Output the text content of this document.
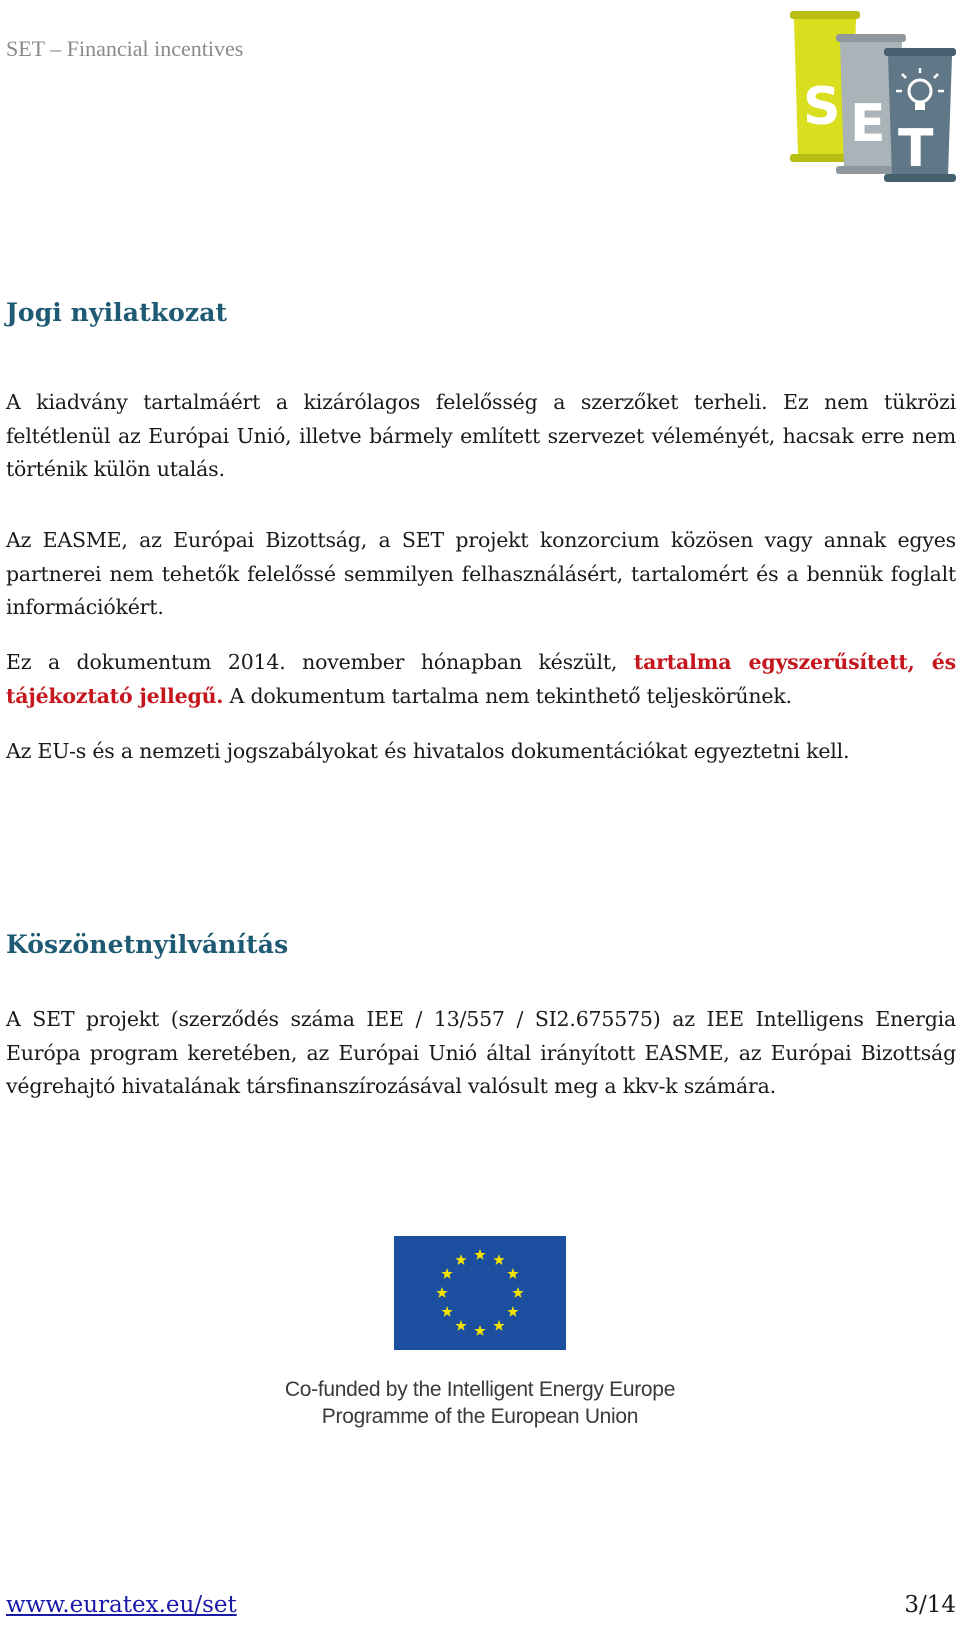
SET – Financial incentives
S E T
Jogi nyilatkozat

A kiadvány tartalmáért a kizárólagos felelősség a szerzőket terheli. Ez nem tükrözi feltétlenül az Európai Unió, illetve bármely említett szervezet véleményét, hacsak erre nem történik külön utalás.

Az EASME, az Európai Bizottság, a SET projekt konzorcium közösen vagy annak egyes partnerei nem tehetők felelőssé semmilyen felhasználásért, tartalomért és a bennük foglalt információkért.

Ez a dokumentum 2014. november hónapban készült, tartalma egyszerűsített, és tájékoztató jellegű. A dokumentum tartalma nem tekinthető teljeskörűnek.

Az EU-s és a nemzeti jogszabályokat és hivatalos dokumentációkat egyeztetni kell.

Köszönetnyilvánítás

A SET projekt (szerződés száma IEE / 13/557 / SI2.675575) az IEE Intelligens Energia Európa program keretében, az Európai Unió által irányított EASME, az Európai Bizottság végrehajtó hivatalának társfinanszírozásával valósult meg a kkv-k számára.

Co-funded by the Intelligent Energy Europe
Programme of the European Union
www.euratex.eu/set	3/14
